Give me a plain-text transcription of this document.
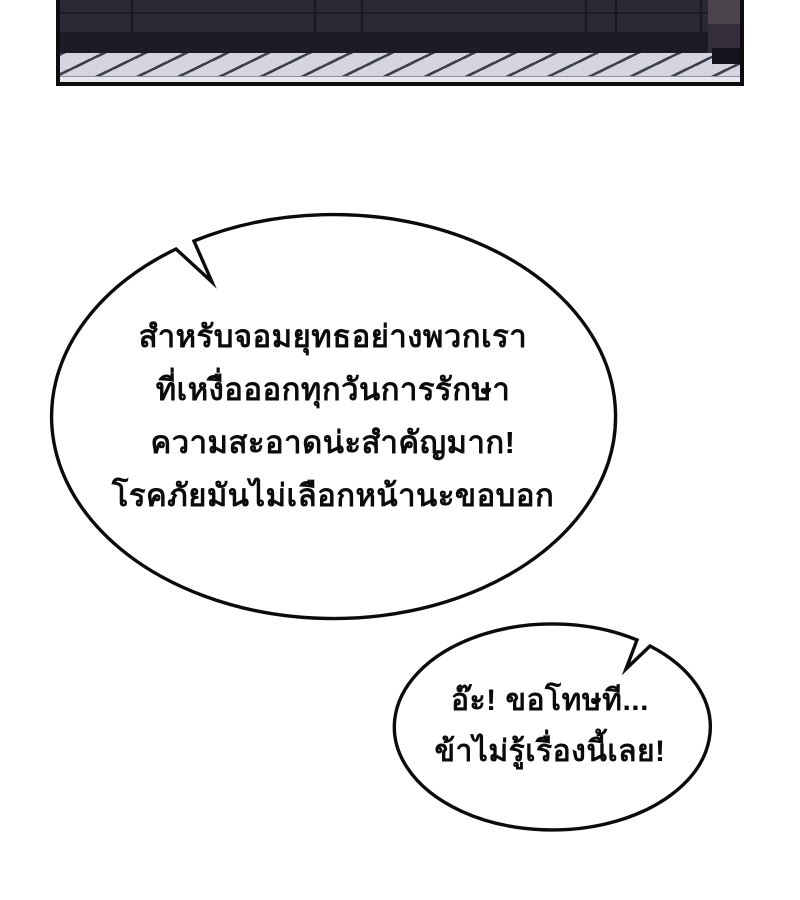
สำหรับจอมยุทธอย่างพวกเรา
ที่เหงื่อออกทุกวันการรักษา
ความสะอาดน่ะสำคัญมาก!
โรคภัยมันไม่เลือกหน้านะขอบอก
อ๊ะ! ขอโทษที...
ข้าไม่รู้เรื่องนี้เลย!
